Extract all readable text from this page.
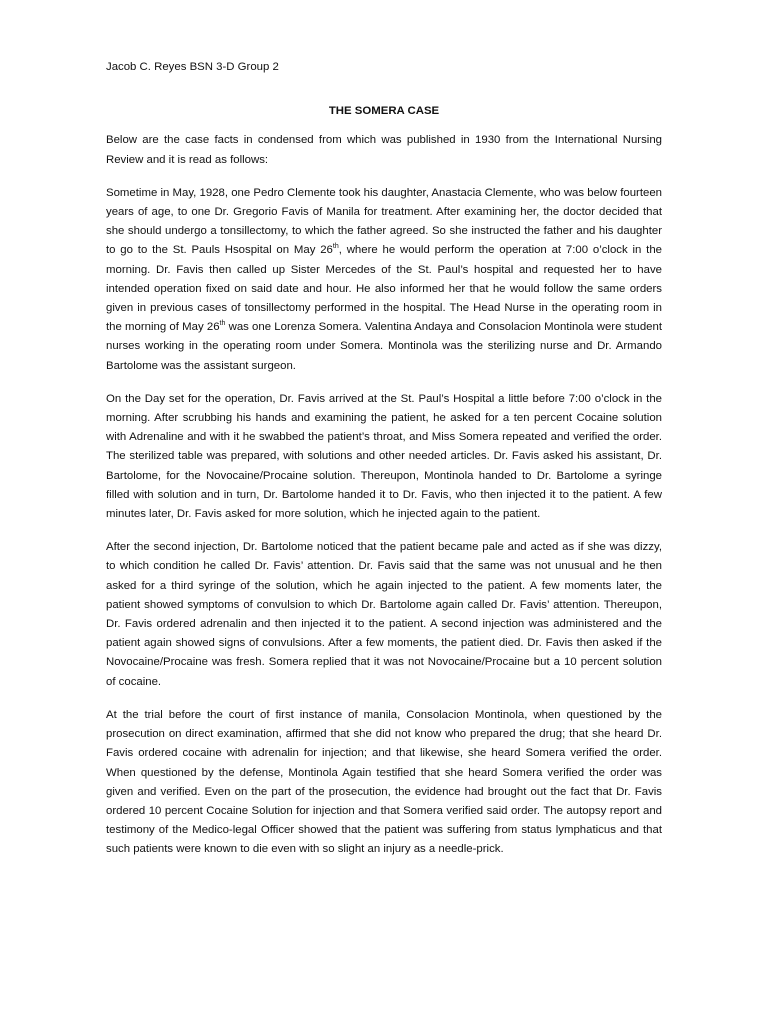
Jacob C. Reyes BSN 3-D Group 2

THE SOMERA CASE

Below are the case facts in condensed from which was published in 1930 from the International Nursing Review and it is read as follows:

Sometime in May, 1928, one Pedro Clemente took his daughter, Anastacia Clemente, who was below fourteen years of age, to one Dr. Gregorio Favis of Manila for treatment. After examining her, the doctor decided that she should undergo a tonsillectomy, to which the father agreed. So she instructed the father and his daughter to go to the St. Pauls Hsospital on May 26th, where he would perform the operation at 7:00 o’clock in the morning. Dr. Favis then called up Sister Mercedes of the St. Paul’s hospital and requested her to have intended operation fixed on said date and hour. He also informed her that he would follow the same orders given in previous cases of tonsillectomy performed in the hospital. The Head Nurse in the operating room in the morning of May 26th was one Lorenza Somera. Valentina Andaya and Consolacion Montinola were student nurses working in the operating room under Somera. Montinola was the sterilizing nurse and Dr. Armando Bartolome was the assistant surgeon.

On the Day set for the operation, Dr. Favis arrived at the St. Paul’s Hospital a little before 7:00 o’clock in the morning. After scrubbing his hands and examining the patient, he asked for a ten percent Cocaine solution with Adrenaline and with it he swabbed the patient’s throat, and Miss Somera repeated and verified the order. The sterilized table was prepared, with solutions and other needed articles. Dr. Favis asked his assistant, Dr. Bartolome, for the Novocaine/Procaine solution. Thereupon, Montinola handed to Dr. Bartolome a syringe filled with solution and in turn, Dr. Bartolome handed it to Dr. Favis, who then injected it to the patient. A few minutes later, Dr. Favis asked for more solution, which he injected again to the patient.

After the second injection, Dr. Bartolome noticed that the patient became pale and acted as if she was dizzy, to which condition he called Dr. Favis’ attention. Dr. Favis said that the same was not unusual and he then asked for a third syringe of the solution, which he again injected to the patient. A few moments later, the patient showed symptoms of convulsion to which Dr. Bartolome again called Dr. Favis’ attention. Thereupon, Dr. Favis ordered adrenalin and then injected it to the patient. A second injection was administered and the patient again showed signs of convulsions. After a few moments, the patient died. Dr. Favis then asked if the Novocaine/Procaine was fresh. Somera replied that it was not Novocaine/Procaine but a 10 percent solution of cocaine.

At the trial before the court of first instance of manila, Consolacion Montinola, when questioned by the prosecution on direct examination, affirmed that she did not know who prepared the drug; that she heard Dr. Favis ordered cocaine with adrenalin for injection; and that likewise, she heard Somera verified the order. When questioned by the defense, Montinola Again testified that she heard Somera verified the order was given and verified. Even on the part of the prosecution, the evidence had brought out the fact that Dr. Favis ordered 10 percent Cocaine Solution for injection and that Somera verified said order. The autopsy report and testimony of the Medico-legal Officer showed that the patient was suffering from status lymphaticus and that such patients were known to die even with so slight an injury as a needle-prick.
